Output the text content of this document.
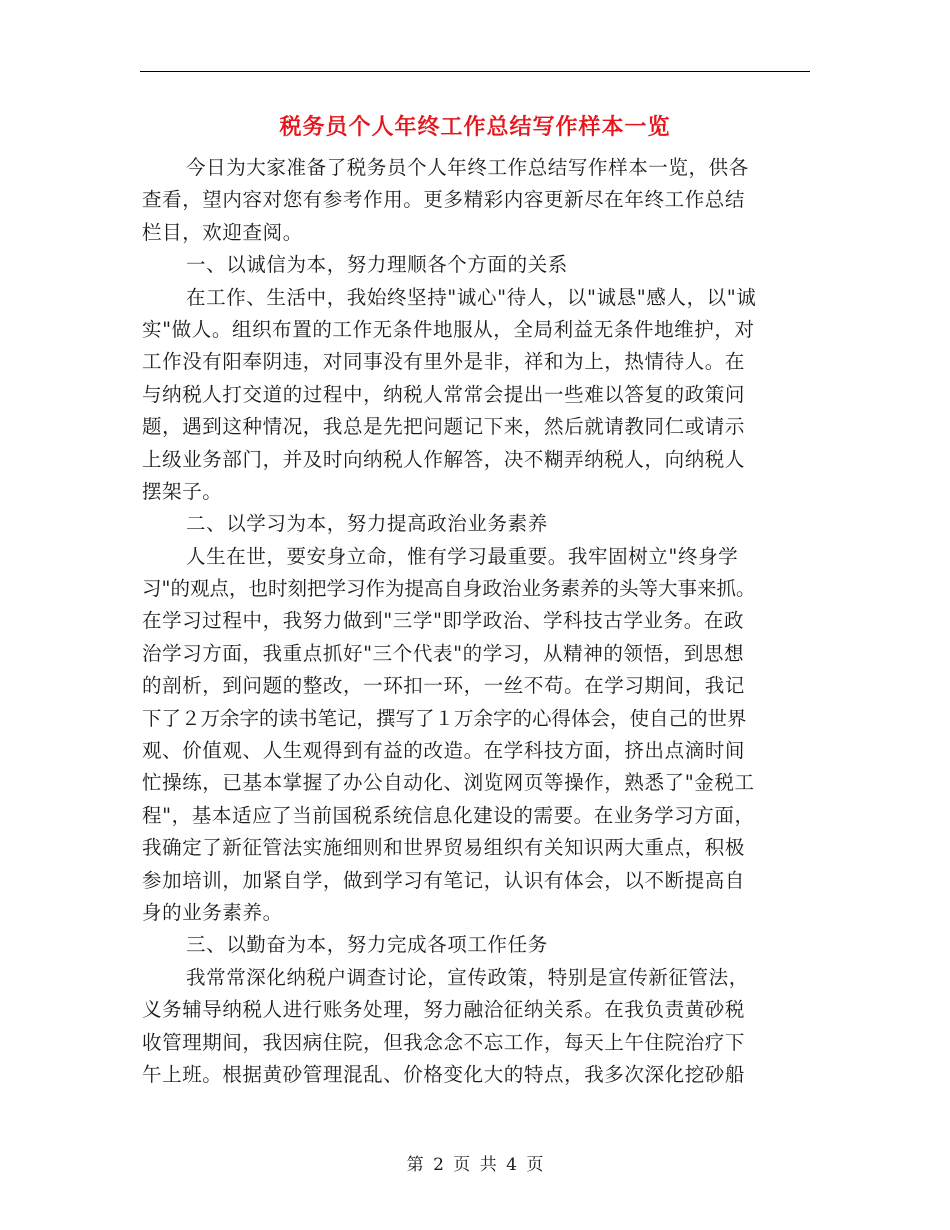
税务员个人年终工作总结写作样本一览
今日为大家准备了税务员个人年终工作总结写作样本一览，供各
查看，望内容对您有参考作用。更多精彩内容更新尽在年终工作总结
栏目，欢迎查阅。
一、以诚信为本，努力理顺各个方面的关系
在工作、生活中，我始终坚持"诚心"待人，以"诚恳"感人，以"诚
实"做人。组织布置的工作无条件地服从，全局利益无条件地维护，对
工作没有阳奉阴违，对同事没有里外是非，祥和为上，热情待人。在
与纳税人打交道的过程中，纳税人常常会提出一些难以答复的政策问
题，遇到这种情况，我总是先把问题记下来，然后就请教同仁或请示
上级业务部门，并及时向纳税人作解答，决不糊弄纳税人，向纳税人
摆架子。
二、以学习为本，努力提高政治业务素养
人生在世，要安身立命，惟有学习最重要。我牢固树立"终身学
习"的观点，也时刻把学习作为提高自身政治业务素养的头等大事来抓。
在学习过程中，我努力做到"三学"即学政治、学科技古学业务。在政
治学习方面，我重点抓好"三个代表"的学习，从精神的领悟，到思想
的剖析，到问题的整改，一环扣一环，一丝不苟。在学习期间，我记
下了２万余字的读书笔记，撰写了１万余字的心得体会，使自己的世界
观、价值观、人生观得到有益的改造。在学科技方面，挤出点滴时间
忙操练，已基本掌握了办公自动化、浏览网页等操作，熟悉了"金税工
程"，基本适应了当前国税系统信息化建设的需要。在业务学习方面，
我确定了新征管法实施细则和世界贸易组织有关知识两大重点，积极
参加培训，加紧自学，做到学习有笔记，认识有体会，以不断提高自
身的业务素养。
三、以勤奋为本，努力完成各项工作任务
我常常深化纳税户调查讨论，宣传政策，特别是宣传新征管法，
义务辅导纳税人进行账务处理，努力融洽征纳关系。在我负责黄砂税
收管理期间，我因病住院，但我念念不忘工作，每天上午住院治疗下
午上班。根据黄砂管理混乱、价格变化大的特点，我多次深化挖砂船
第 2 页 共 4 页
